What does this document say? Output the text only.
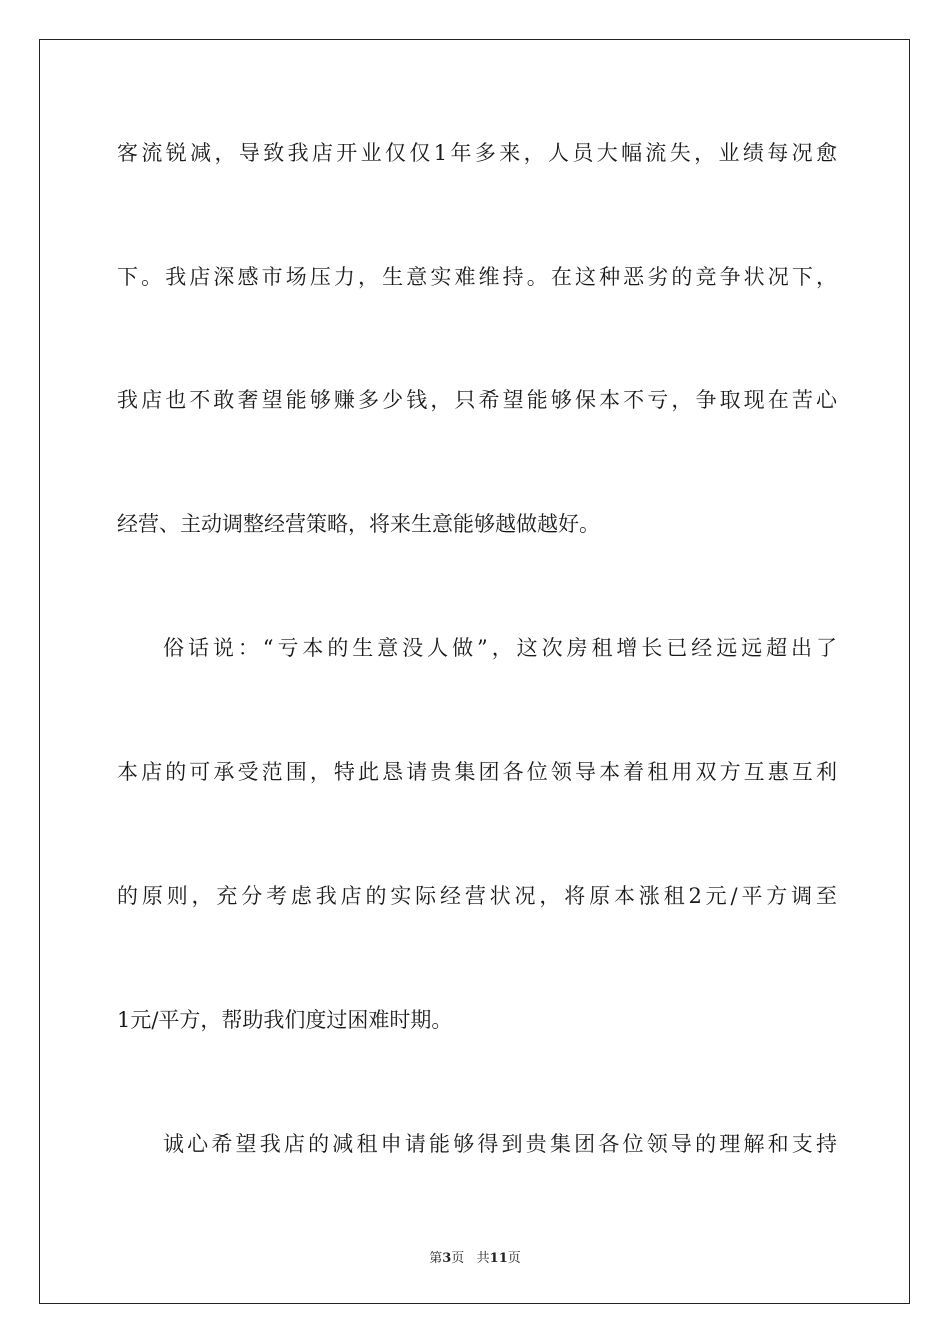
客流锐减，导致我店开业仅仅1年多来，人员大幅流失，业绩每况愈
下。我店深感市场压力，生意实难维持。在这种恶劣的竞争状况下，
我店也不敢奢望能够赚多少钱，只希望能够保本不亏，争取现在苦心
经营、主动调整经营策略，将来生意能够越做越好。
俗话说：“亏本的生意没人做”，这次房租增长已经远远超出了
本店的可承受范围，特此恳请贵集团各位领导本着租用双方互惠互利
的原则，充分考虑我店的实际经营状况，将原本涨租2元/平方调至
1元/平方，帮助我们度过困难时期。
诚心希望我店的减租申请能够得到贵集团各位领导的理解和支持
第3页   共11页
